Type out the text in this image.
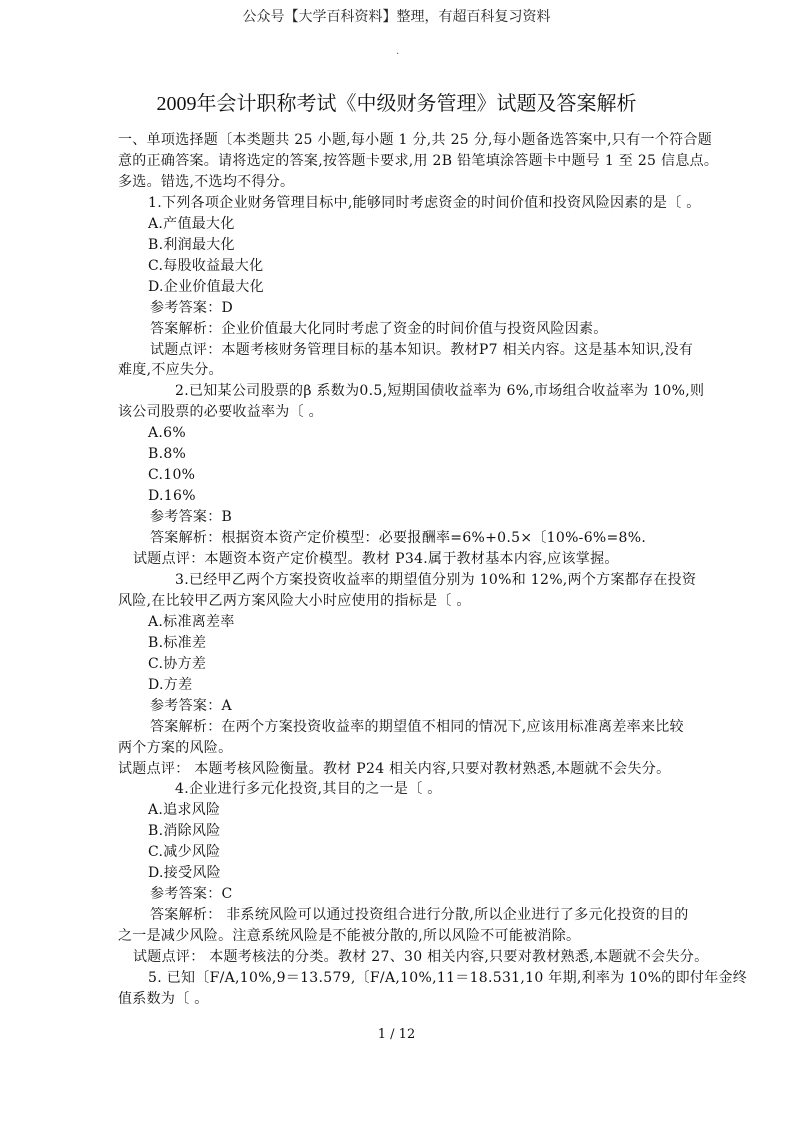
公众号【大学百科资料】整理，有超百科复习资料
.
2009年会计职称考试《中级财务管理》试题及答案解析
一、单项选择题〔本类题共 25 小题,每小题 1 分,共 25 分,每小题备选答案中,只有一个符合题
意的正确答案。请将选定的答案,按答题卡要求,用 2B 铅笔填涂答题卡中题号 1 至 25 信息点。
多选。错选,不选均不得分。
1.下列各项企业财务管理目标中,能够同时考虑资金的时间价值和投资风险因素的是〔 。
A.产值最大化
B.利润最大化
C.每股收益最大化
D.企业价值最大化
参考答案：D
答案解析：企业价值最大化同时考虑了资金的时间价值与投资风险因素。
试题点评：本题考核财务管理目标的基本知识。教材P7 相关内容。这是基本知识,没有
难度,不应失分。
2.已知某公司股票的β 系数为0.5,短期国债收益率为 6%,市场组合收益率为 10%,则
该公司股票的必要收益率为〔 。
A.6%
B.8%
C.10%
D.16%
参考答案：B
答案解析：根据资本资产定价模型：必要报酬率=6%+0.5×〔10%-6%=8%.
试题点评：本题资本资产定价模型。教材 P34.属于教材基本内容,应该掌握。
3.已经甲乙两个方案投资收益率的期望值分别为 10%和 12%,两个方案都存在投资
风险,在比较甲乙两方案风险大小时应使用的指标是〔 。
A.标准离差率
B.标准差
C.协方差
D.方差
参考答案：A
答案解析：在两个方案投资收益率的期望值不相同的情况下,应该用标准离差率来比较
两个方案的风险。
试题点评： 本题考核风险衡量。教材 P24 相关内容,只要对教材熟悉,本题就不会失分。
4.企业进行多元化投资,其目的之一是〔 。
A.追求风险
B.消除风险
C.减少风险
D.接受风险
参考答案：C
答案解析： 非系统风险可以通过投资组合进行分散,所以企业进行了多元化投资的目的
之一是减少风险。注意系统风险是不能被分散的,所以风险不可能被消除。
试题点评： 本题考核法的分类。教材 27、30 相关内容,只要对教材熟悉,本题就不会失分。
5. 已知〔F/A,10%,9＝13.579,〔F/A,10%,11＝18.531,10 年期,利率为 10%的即付年金终
值系数为〔 。
1 / 12
